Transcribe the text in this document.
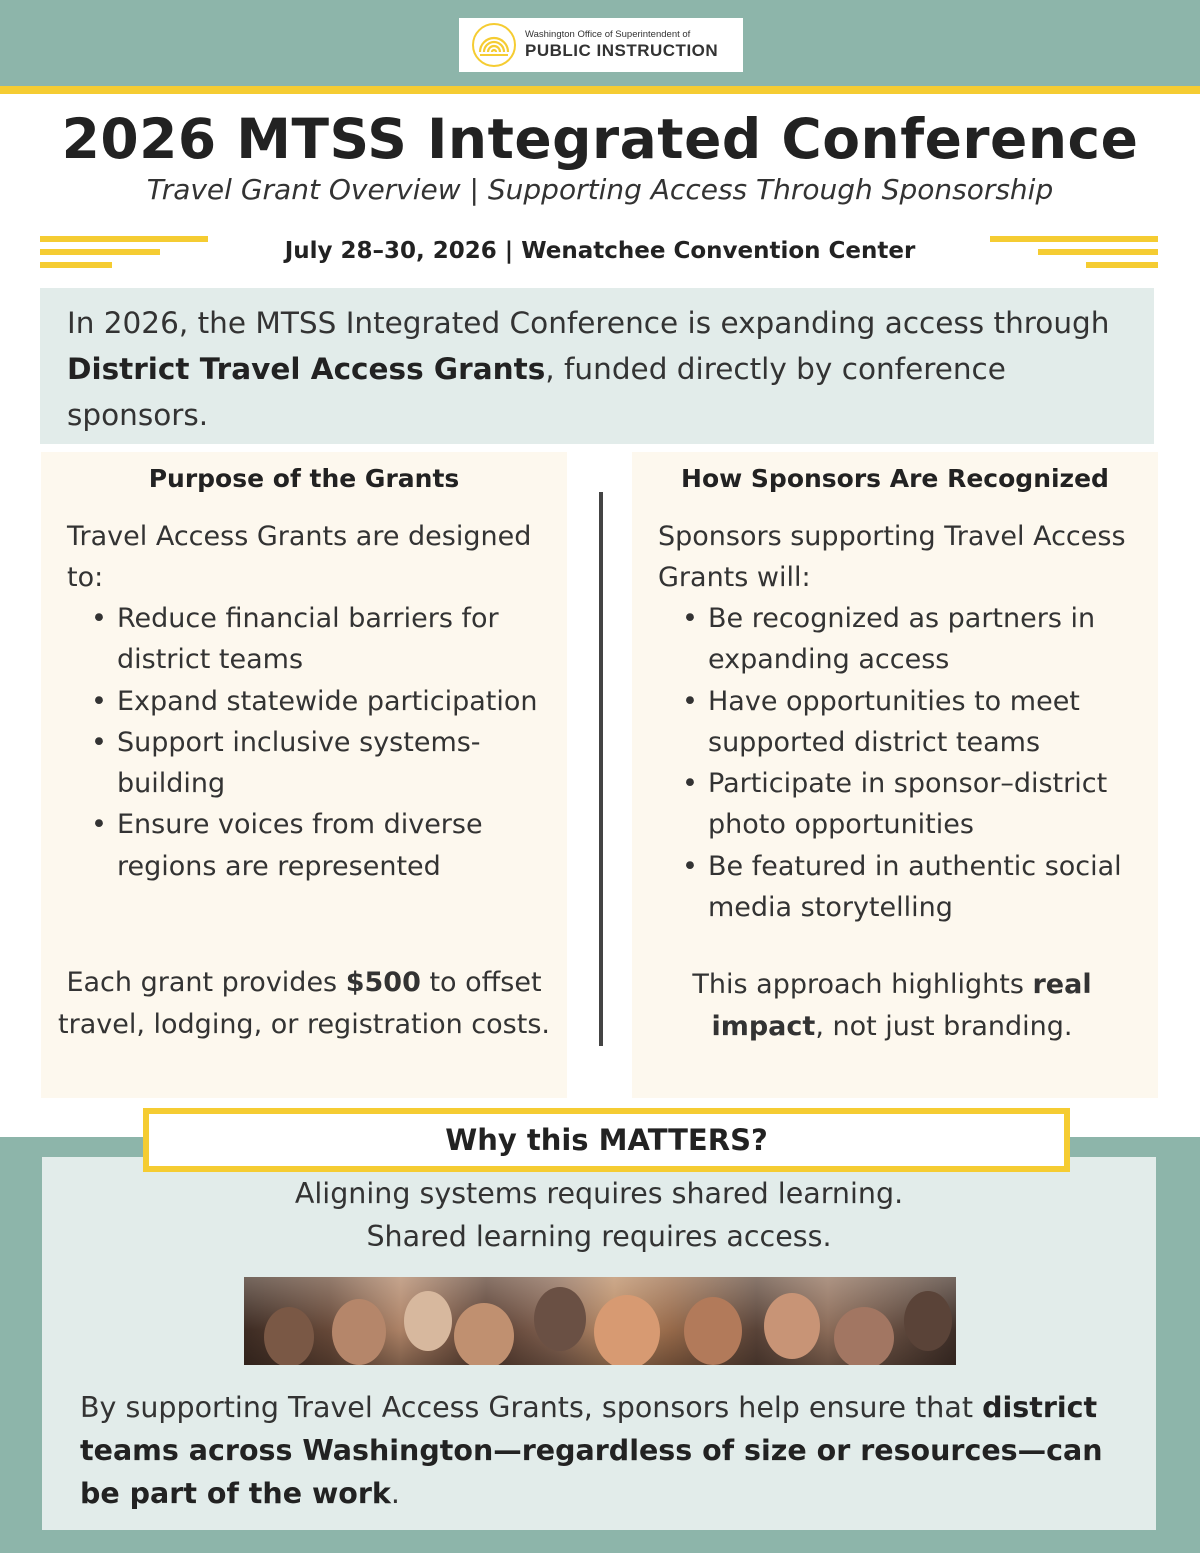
Washington Office of Superintendent of
PUBLIC INSTRUCTION
2026 MTSS Integrated Conference
Travel Grant Overview | Supporting Access Through Sponsorship
July 28–30, 2026 | Wenatchee Convention Center

In 2026, the MTSS Integrated Conference is expanding access through District Travel Access Grants, funded directly by conference sponsors.

Purpose of the Grants
Travel Access Grants are designed to:
• Reduce financial barriers for district teams
• Expand statewide participation
• Support inclusive systems-building
• Ensure voices from diverse regions are represented
Each grant provides $500 to offset travel, lodging, or registration costs.
How Sponsors Are Recognized
Sponsors supporting Travel Access Grants will:
• Be recognized as partners in expanding access
• Have opportunities to meet supported district teams
• Participate in sponsor–district photo opportunities
• Be featured in authentic social media storytelling
This approach highlights real impact, not just branding.
Why this MATTERS?
Aligning systems requires shared learning.
Shared learning requires access.

By supporting Travel Access Grants, sponsors help ensure that district teams across Washington—regardless of size or resources—can be part of the work.
